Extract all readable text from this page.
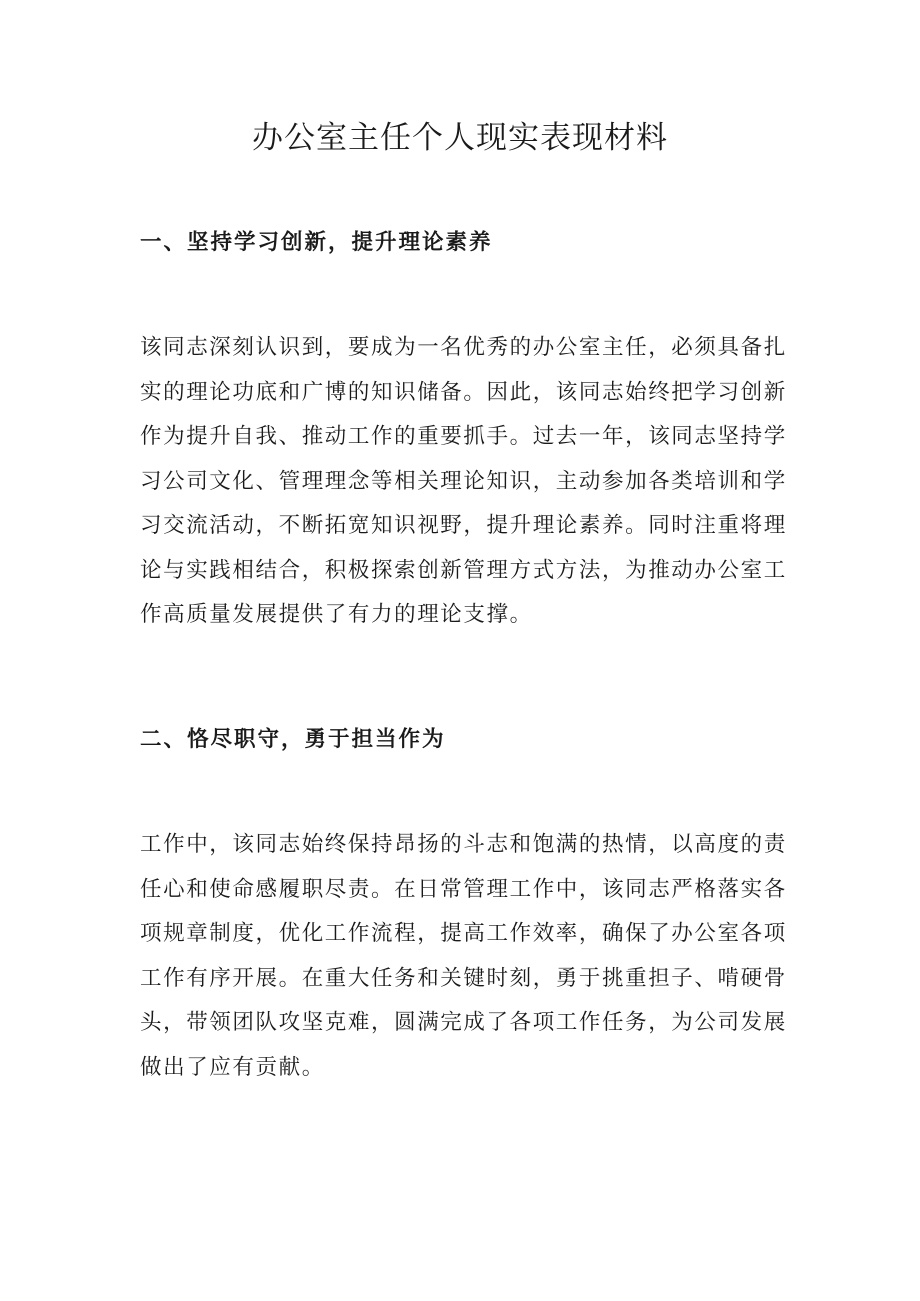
办公室主任个人现实表现材料
一、坚持学习创新，提升理论素养
该同志深刻认识到，要成为一名优秀的办公室主任，必须具备扎
实的理论功底和广博的知识储备。因此，该同志始终把学习创新
作为提升自我、推动工作的重要抓手。过去一年，该同志坚持学
习公司文化、管理理念等相关理论知识，主动参加各类培训和学
习交流活动，不断拓宽知识视野，提升理论素养。同时注重将理
论与实践相结合，积极探索创新管理方式方法，为推动办公室工
作高质量发展提供了有力的理论支撑。
二、恪尽职守，勇于担当作为
工作中，该同志始终保持昂扬的斗志和饱满的热情，以高度的责
任心和使命感履职尽责。在日常管理工作中，该同志严格落实各
项规章制度，优化工作流程，提高工作效率，确保了办公室各项
工作有序开展。在重大任务和关键时刻，勇于挑重担子、啃硬骨
头，带领团队攻坚克难，圆满完成了各项工作任务，为公司发展
做出了应有贡献。
